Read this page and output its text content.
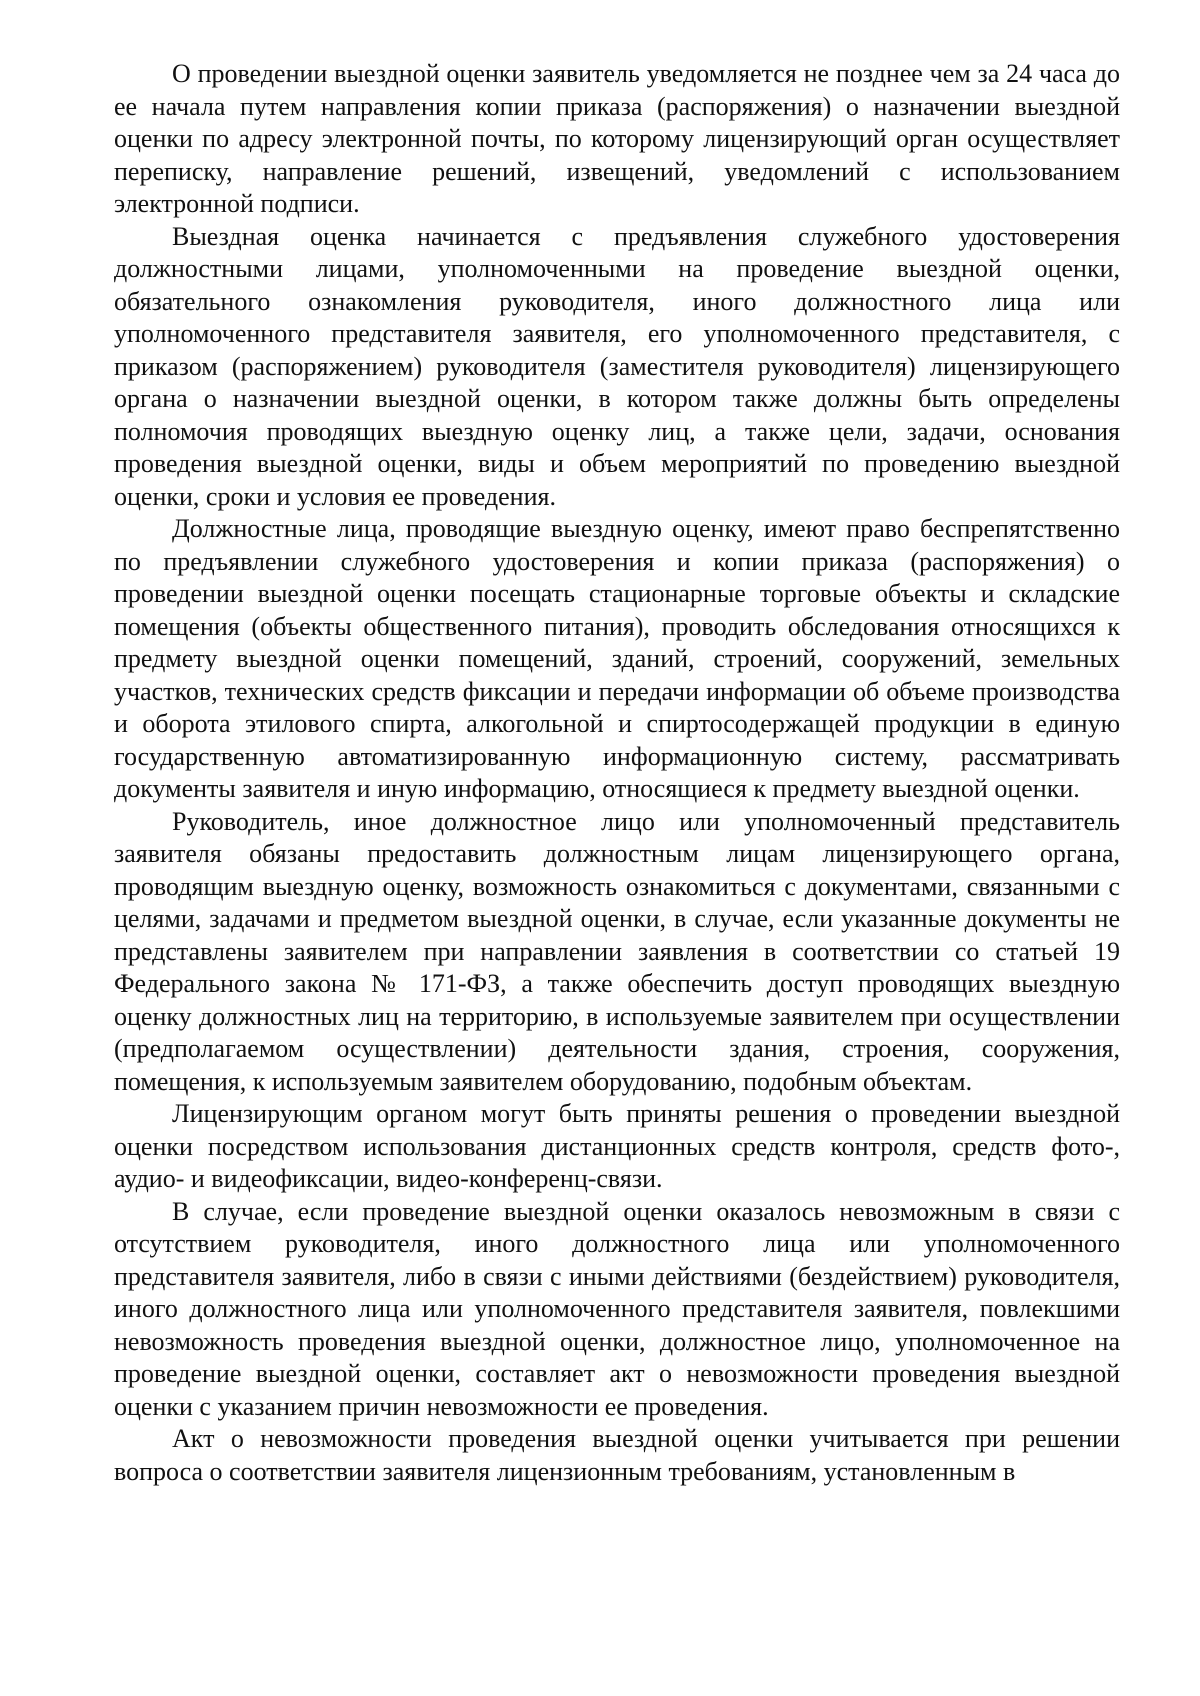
О проведении выездной оценки заявитель уведомляется не позднее чем за 24 часа до ее начала путем направления копии приказа (распоряжения) о назначении выездной оценки по адресу электронной почты, по которому лицензирующий орган осуществляет переписку, направление решений, извещений, уведомлений с использованием электронной подписи.

Выездная оценка начинается с предъявления служебного удостоверения должностными лицами, уполномоченными на проведение выездной оценки, обязательного ознакомления руководителя, иного должностного лица или уполномоченного представителя заявителя, его уполномоченного представителя, с приказом (распоряжением) руководителя (заместителя руководителя) лицензирующего органа о назначении выездной оценки, в котором также должны быть определены полномочия проводящих выездную оценку лиц, а также цели, задачи, основания проведения выездной оценки, виды и объем мероприятий по проведению выездной оценки, сроки и условия ее проведения.

Должностные лица, проводящие выездную оценку, имеют право беспрепятственно по предъявлении служебного удостоверения и копии приказа (распоряжения) о проведении выездной оценки посещать стационарные торговые объекты и складские помещения (объекты общественного питания), проводить обследования относящихся к предмету выездной оценки помещений, зданий, строений, сооружений, земельных участков, технических средств фиксации и передачи информации об объеме производства и оборота этилового спирта, алкогольной и спиртосодержащей продукции в единую государственную автоматизированную информационную систему, рассматривать документы заявителя и иную информацию, относящиеся к предмету выездной оценки.

Руководитель, иное должностное лицо или уполномоченный представитель заявителя обязаны предоставить должностным лицам лицензирующего органа, проводящим выездную оценку, возможность ознакомиться с документами, связанными с целями, задачами и предметом выездной оценки, в случае, если указанные документы не представлены заявителем при направлении заявления в соответствии со статьей 19 Федерального закона № 171-ФЗ, а также обеспечить доступ проводящих выездную оценку должностных лиц на территорию, в используемые заявителем при осуществлении (предполагаемом осуществлении) деятельности здания, строения, сооружения, помещения, к используемым заявителем оборудованию, подобным объектам.

Лицензирующим органом могут быть приняты решения о проведении выездной оценки посредством использования дистанционных средств контроля, средств фото-, аудио- и видеофиксации, видео-конференц-связи.

В случае, если проведение выездной оценки оказалось невозможным в связи с отсутствием руководителя, иного должностного лица или уполномоченного представителя заявителя, либо в связи с иными действиями (бездействием) руководителя, иного должностного лица или уполномоченного представителя заявителя, повлекшими невозможность проведения выездной оценки, должностное лицо, уполномоченное на проведение выездной оценки, составляет акт о невозможности проведения выездной оценки с указанием причин невозможности ее проведения.

Акт о невозможности проведения выездной оценки учитывается при решении вопроса о соответствии заявителя лицензионным требованиям, установленным в
